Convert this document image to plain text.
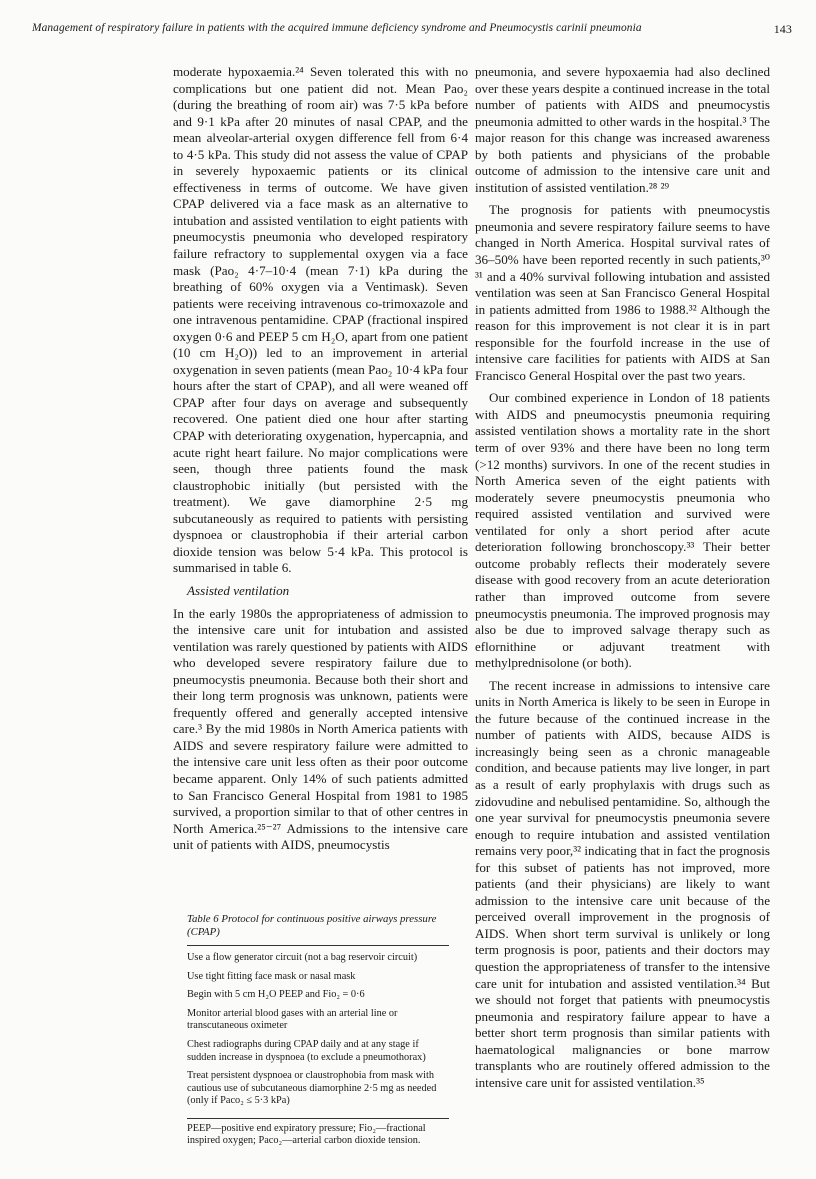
Management of respiratory failure in patients with the acquired immune deficiency syndrome and Pneumocystis carinii pneumonia	143

moderate hypoxaemia.²⁴ Seven tolerated this with no complications but one patient did not. Mean Pao₂ (during the breathing of room air) was 7·5 kPa before and 9·1 kPa after 20 minutes of nasal CPAP, and the mean alveolar-arterial oxygen difference fell from 6·4 to 4·5 kPa. This study did not assess the value of CPAP in severely hypoxaemic patients or its clinical effectiveness in terms of outcome. We have given CPAP delivered via a face mask as an alternative to intubation and assisted ventilation to eight patients with pneumocystis pneumonia who developed respiratory failure refractory to supplemental oxygen via a face mask (Pao₂ 4·7–10·4 (mean 7·1) kPa during the breathing of 60% oxygen via a Ventimask). Seven patients were receiving intravenous co-trimoxazole and one intravenous pentamidine. CPAP (fractional inspired oxygen 0·6 and PEEP 5 cm H₂O, apart from one patient (10 cm H₂O)) led to an improvement in arterial oxygenation in seven patients (mean Pao₂ 10·4 kPa four hours after the start of CPAP), and all were weaned off CPAP after four days on average and subsequently recovered. One patient died one hour after starting CPAP with deteriorating oxygenation, hypercapnia, and acute right heart failure. No major complications were seen, though three patients found the mask claustrophobic initially (but persisted with the treatment). We gave diamorphine 2·5 mg subcutaneously as required to patients with persisting dyspnoea or claustrophobia if their arterial carbon dioxide tension was below 5·4 kPa. This protocol is summarised in table 6.

Assisted ventilation

In the early 1980s the appropriateness of admission to the intensive care unit for intubation and assisted ventilation was rarely questioned by patients with AIDS who developed severe respiratory failure due to pneumocystis pneumonia. Because both their short and their long term prognosis was unknown, patients were frequently offered and generally accepted intensive care.³ By the mid 1980s in North America patients with AIDS and severe respiratory failure were admitted to the intensive care unit less often as their poor outcome became apparent. Only 14% of such patients admitted to San Francisco General Hospital from 1981 to 1985 survived, a proportion similar to that of other centres in North America.²⁵⁻²⁷ Admissions to the intensive care unit of patients with AIDS, pneumocystis

Table 6 Protocol for continuous positive airways pressure (CPAP)
Use a flow generator circuit (not a bag reservoir circuit)
Use tight fitting face mask or nasal mask
Begin with 5 cm H₂O PEEP and Fio₂ = 0·6
Monitor arterial blood gases with an arterial line or transcutaneous oximeter
Chest radiographs during CPAP daily and at any stage if sudden increase in dyspnoea (to exclude a pneumothorax)
Treat persistent dyspnoea or claustrophobia from mask with cautious use of subcutaneous diamorphine 2·5 mg as needed (only if Paco₂ ≤ 5·3 kPa)
PEEP—positive end expiratory pressure; Fio₂—fractional inspired oxygen; Paco₂—arterial carbon dioxide tension.

pneumonia, and severe hypoxaemia had also declined over these years despite a continued increase in the total number of patients with AIDS and pneumocystis pneumonia admitted to other wards in the hospital.³ The major reason for this change was increased awareness by both patients and physicians of the probable outcome of admission to the intensive care unit and institution of assisted ventilation.²⁸ ²⁹

The prognosis for patients with pneumocystis pneumonia and severe respiratory failure seems to have changed in North America. Hospital survival rates of 36–50% have been reported recently in such patients,³⁰ ³¹ and a 40% survival following intubation and assisted ventilation was seen at San Francisco General Hospital in patients admitted from 1986 to 1988.³² Although the reason for this improvement is not clear it is in part responsible for the fourfold increase in the use of intensive care facilities for patients with AIDS at San Francisco General Hospital over the past two years.

Our combined experience in London of 18 patients with AIDS and pneumocystis pneumonia requiring assisted ventilation shows a mortality rate in the short term of over 93% and there have been no long term (>12 months) survivors. In one of the recent studies in North America seven of the eight patients with moderately severe pneumocystis pneumonia who required assisted ventilation and survived were ventilated for only a short period after acute deterioration following bronchoscopy.³³ Their better outcome probably reflects their moderately severe disease with good recovery from an acute deterioration rather than improved outcome from severe pneumocystis pneumonia. The improved prognosis may also be due to improved salvage therapy such as eflornithine or adjuvant treatment with methylprednisolone (or both).

The recent increase in admissions to intensive care units in North America is likely to be seen in Europe in the future because of the continued increase in the number of patients with AIDS, because AIDS is increasingly being seen as a chronic manageable condition, and because patients may live longer, in part as a result of early prophylaxis with drugs such as zidovudine and nebulised pentamidine. So, although the one year survival for pneumocystis pneumonia severe enough to require intubation and assisted ventilation remains very poor,³² indicating that in fact the prognosis for this subset of patients has not improved, more patients (and their physicians) are likely to want admission to the intensive care unit because of the perceived overall improvement in the prognosis of AIDS. When short term survival is unlikely or long term prognosis is poor, patients and their doctors may question the appropriateness of transfer to the intensive care unit for intubation and assisted ventilation.³⁴ But we should not forget that patients with pneumocystis pneumonia and respiratory failure appear to have a better short term prognosis than similar patients with haematological malignancies or bone marrow transplants who are routinely offered admission to the intensive care unit for assisted ventilation.³⁵
